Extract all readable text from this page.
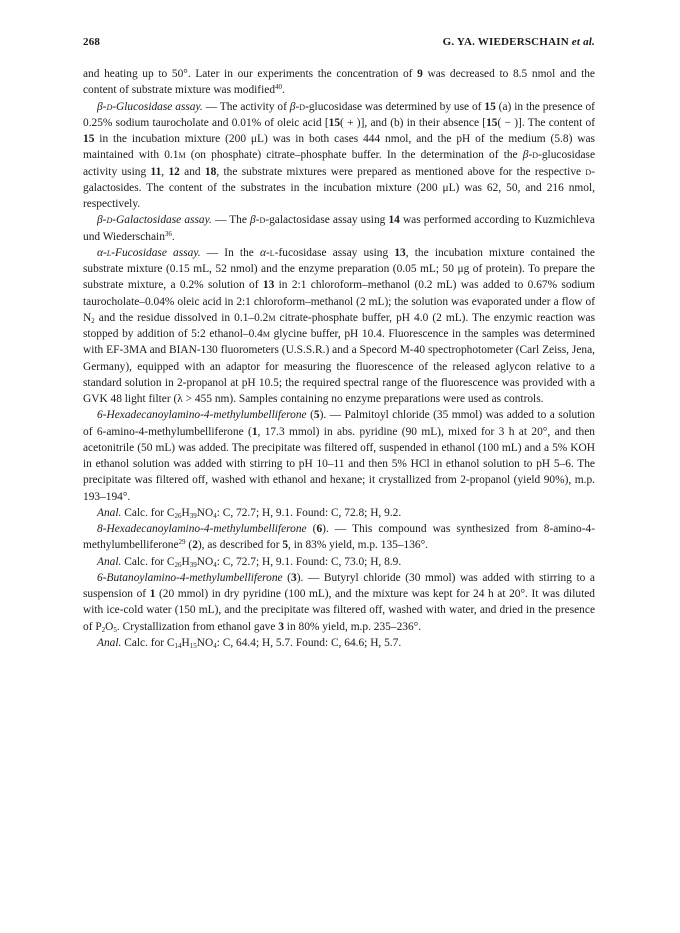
268	G. YA. WIEDERSCHAIN et al.

and heating up to 50°. Later in our experiments the concentration of 9 was decreased to 8.5 nmol and the content of substrate mixture was modified$^{40}$.

β-d-Glucosidase assay. — The activity of β-d-glucosidase was determined by use of 15 (a) in the presence of 0.25% sodium taurocholate and 0.01% of oleic acid [15( + )], and (b) in their absence [15( − )]. The content of 15 in the incubation mixture (200 μL) was in both cases 444 nmol, and the pH of the medium (5.8) was maintained with 0.1m (on phosphate) citrate–phosphate buffer. In the determination of the β-d-glucosidase activity using 11, 12 and 18, the substrate mixtures were prepared as mentioned above for the respective d-galactosides. The content of the substrates in the incubation mixture (200 μL) was 62, 50, and 216 nmol, respectively.

β-d-Galactosidase assay. — The β-d-galactosidase assay using 14 was performed according to Kuzmichleva und Wiederschain$^{36}$.

α-l-Fucosidase assay. — In the α-l-fucosidase assay using 13, the incubation mixture contained the substrate mixture (0.15 mL, 52 nmol) and the enzyme preparation (0.05 mL; 50 μg of protein). To prepare the substrate mixture, a 0.2% solution of 13 in 2:1 chloroform–methanol (0.2 mL) was added to 0.67% sodium taurocholate–0.04% oleic acid in 2:1 chloroform–methanol (2 mL); the solution was evaporated under a flow of $N_2$ and the residue dissolved in 0.1–0.2m citrate-phosphate buffer, pH 4.0 (2 mL). The enzymic reaction was stopped by addition of 5:2 ethanol–0.4m glycine buffer, pH 10.4. Fluorescence in the samples was determined with EF-3MA and BIAN-130 fluorometers (U.S.S.R.) and a Specord M-40 spectrophotometer (Carl Zeiss, Jena, Germany), equipped with an adaptor for measuring the fluorescence of the released aglycon relative to a standard solution in 2-propanol at pH 10.5; the required spectral range of the fluorescence was provided with a GVK 48 light filter (λ > 455 nm). Samples containing no enzyme preparations were used as controls.

6-Hexadecanoylamino-4-methylumbelliferone (5). — Palmitoyl chloride (35 mmol) was added to a solution of 6-amino-4-methylumbelliferone (1, 17.3 mmol) in abs. pyridine (90 mL), mixed for 3 h at 20°, and then acetonitrile (50 mL) was added. The precipitate was filtered off, suspended in ethanol (100 mL) and a 5% KOH in ethanol solution was added with stirring to pH 10–11 and then 5% HCl in ethanol solution to pH 5–6. The precipitate was filtered off, washed with ethanol and hexane; it crystallized from 2-propanol (yield 90%), m.p. 193–194°.

Anal. Calc. for $C_{26}H_{39}NO_4$: C, 72.7; H, 9.1. Found: C, 72.8; H, 9.2.

8-Hexadecanoylamino-4-methylumbelliferone (6). — This compound was synthesized from 8-amino-4-methylumbelliferone$^{29}$ (2), as described for 5, in 83% yield, m.p. 135–136°.

Anal. Calc. for $C_{26}H_{39}NO_4$: C, 72.7; H, 9.1. Found: C, 73.0; H, 8.9.

6-Butanoylamino-4-methylumbelliferone (3). — Butyryl chloride (30 mmol) was added with stirring to a suspension of 1 (20 mmol) in dry pyridine (100 mL), and the mixture was kept for 24 h at 20°. It was diluted with ice-cold water (150 mL), and the precipitate was filtered off, washed with water, and dried in the presence of $P_2O_5$. Crystallization from ethanol gave 3 in 80% yield, m.p. 235–236°.

Anal. Calc. for $C_{14}H_{15}NO_4$: C, 64.4; H, 5.7. Found: C, 64.6; H, 5.7.
